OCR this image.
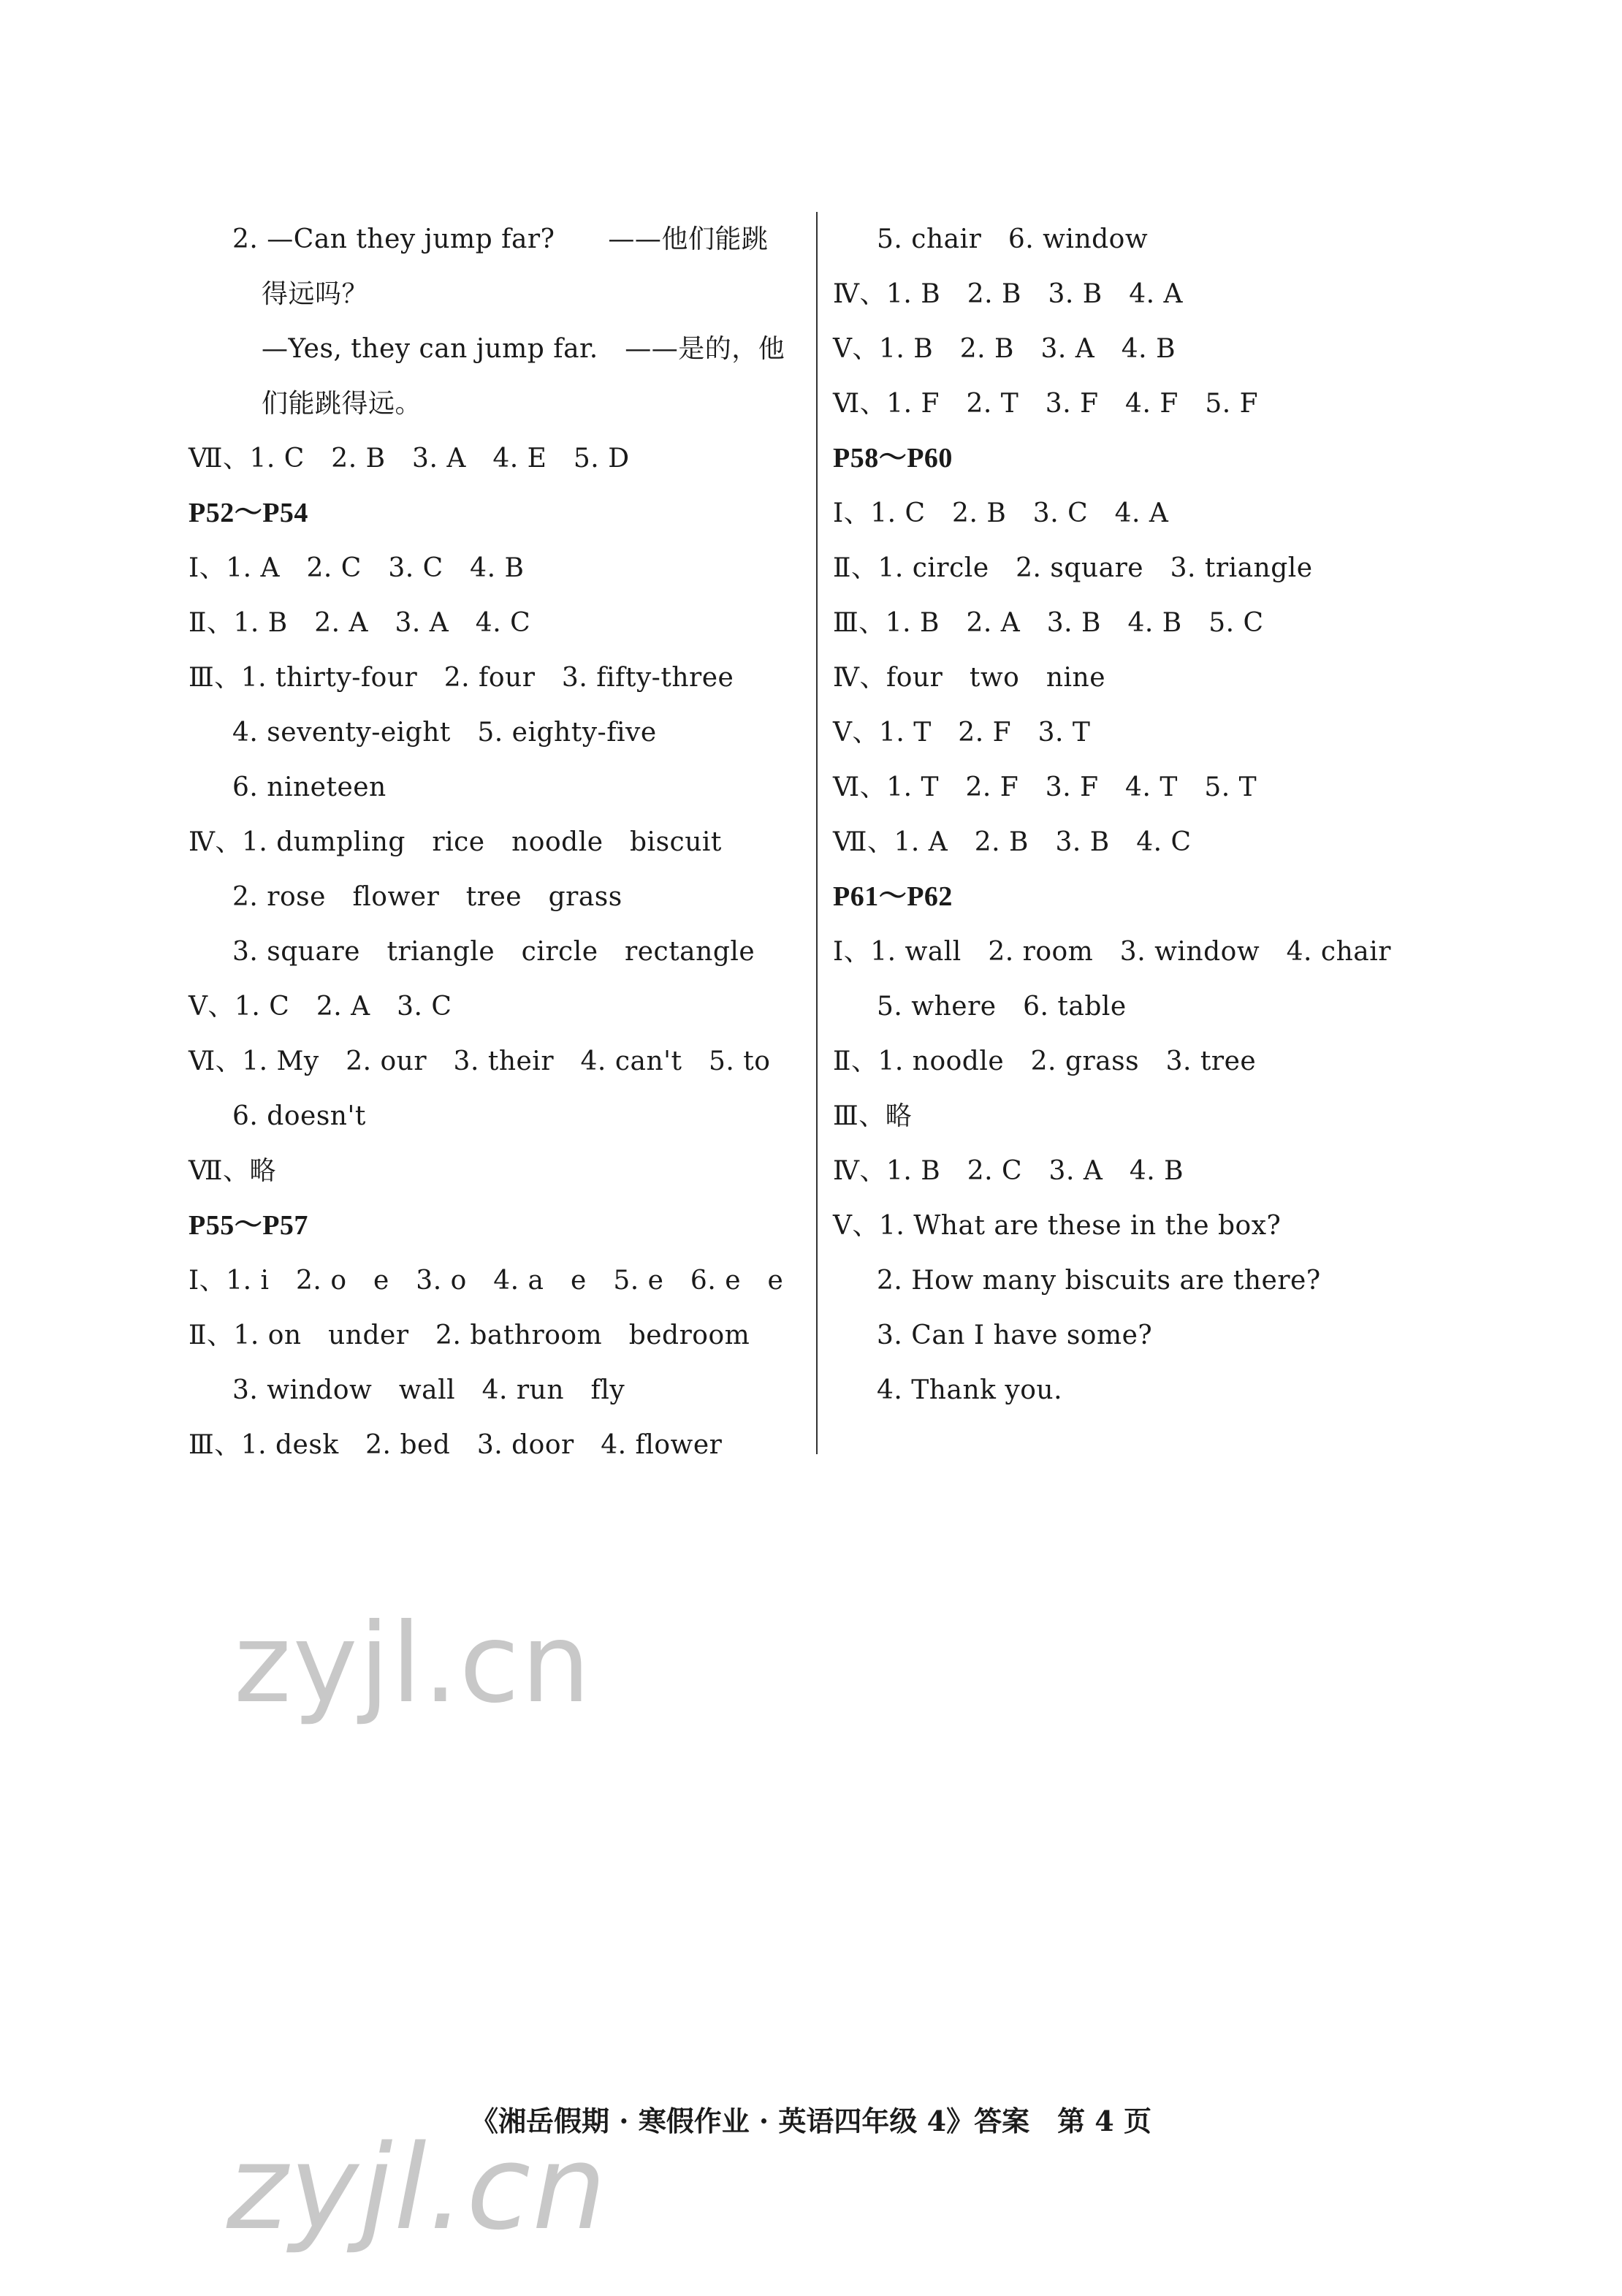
2. —Can they jump far?　　——他们能跳
得远吗？
—Yes, they can jump far.　——是的，他
们能跳得远。
Ⅶ、1. C　2. B　3. A　4. E　5. D
P52～P54
Ⅰ、1. A　2. C　3. C　4. B
Ⅱ、1. B　2. A　3. A　4. C
Ⅲ、1. thirty-four　2. four　3. fifty-three
4. seventy-eight　5. eighty-five
6. nineteen
Ⅳ、1. dumpling　rice　noodle　biscuit
2. rose　flower　tree　grass
3. square　triangle　circle　rectangle
Ⅴ、1. C　2. A　3. C
Ⅵ、1. My　2. our　3. their　4. can't　5. to
6. doesn't
Ⅶ、略
P55～P57
Ⅰ、1. i　2. o　e　3. o　4. a　e　5. e　6. e　e
Ⅱ、1. on　under　2. bathroom　bedroom
3. window　wall　4. run　fly
Ⅲ、1. desk　2. bed　3. door　4. flower
5. chair　6. window
Ⅳ、1. B　2. B　3. B　4. A
Ⅴ、1. B　2. B　3. A　4. B
Ⅵ、1. F　2. T　3. F　4. F　5. F
P58～P60
Ⅰ、1. C　2. B　3. C　4. A
Ⅱ、1. circle　2. square　3. triangle
Ⅲ、1. B　2. A　3. B　4. B　5. C
Ⅳ、four　two　nine
Ⅴ、1. T　2. F　3. T
Ⅵ、1. T　2. F　3. F　4. T　5. T
Ⅶ、1. A　2. B　3. B　4. C
P61～P62
Ⅰ、1. wall　2. room　3. window　4. chair
5. where　6. table
Ⅱ、1. noodle　2. grass　3. tree
Ⅲ、略
Ⅳ、1. B　2. C　3. A　4. B
Ⅴ、1. What are these in the box?
2. How many biscuits are there?
3. Can I have some?
4. Thank you.
《湘岳假期 · 寒假作业 · 英语四年级 4》答案　第 4 页
zyjl.cn
zyjl.cn
